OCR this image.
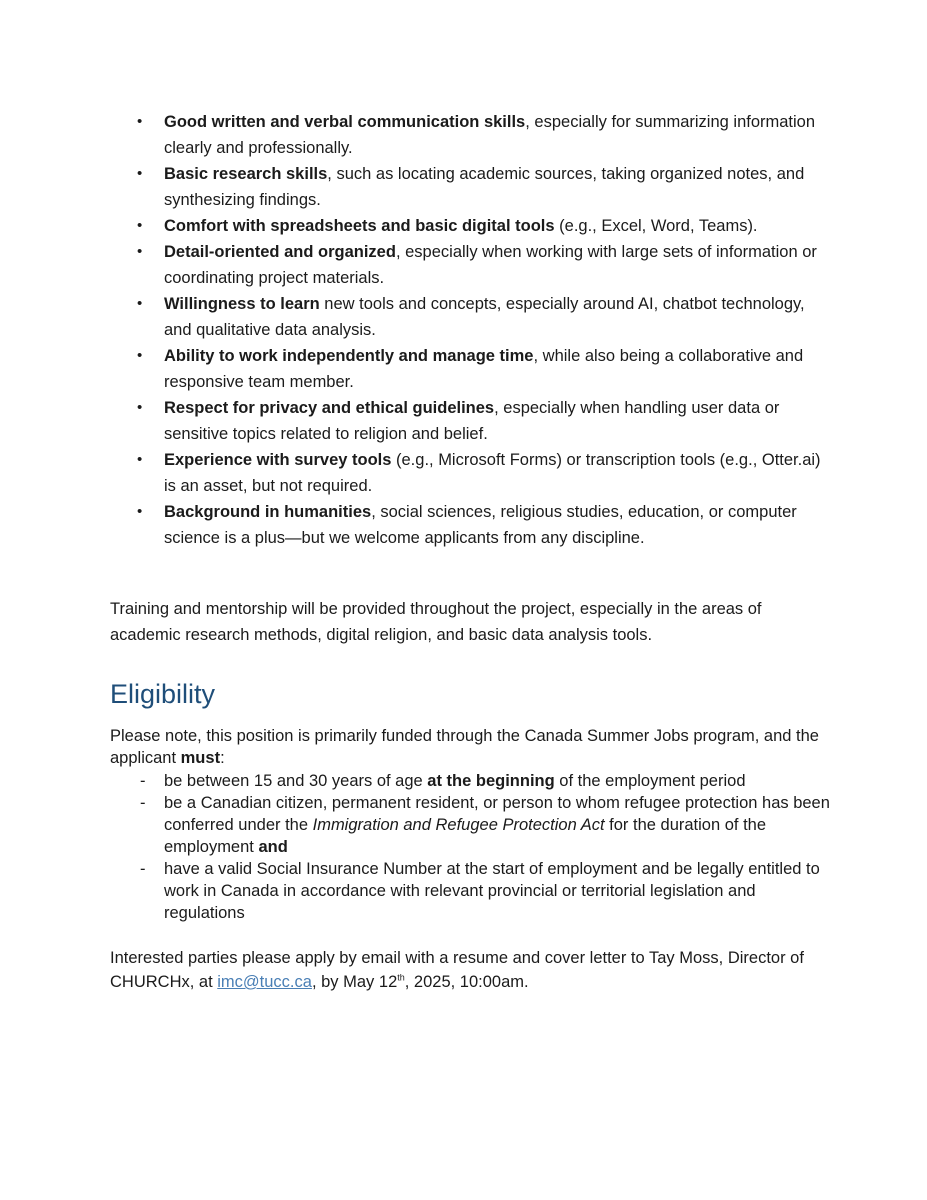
•	Good written and verbal communication skills, especially for summarizing information clearly and professionally.
•	Basic research skills, such as locating academic sources, taking organized notes, and synthesizing findings.
•	Comfort with spreadsheets and basic digital tools (e.g., Excel, Word, Teams).
•	Detail-oriented and organized, especially when working with large sets of information or coordinating project materials.
•	Willingness to learn new tools and concepts, especially around AI, chatbot technology, and qualitative data analysis.
•	Ability to work independently and manage time, while also being a collaborative and responsive team member.
•	Respect for privacy and ethical guidelines, especially when handling user data or sensitive topics related to religion and belief.
•	Experience with survey tools (e.g., Microsoft Forms) or transcription tools (e.g., Otter.ai) is an asset, but not required.
•	Background in humanities, social sciences, religious studies, education, or computer science is a plus—but we welcome applicants from any discipline.

Training and mentorship will be provided throughout the project, especially in the areas of academic research methods, digital religion, and basic data analysis tools.

Eligibility

Please note, this position is primarily funded through the Canada Summer Jobs program, and the applicant must:

- be between 15 and 30 years of age at the beginning of the employment period
- be a Canadian citizen, permanent resident, or person to whom refugee protection has been conferred under the Immigration and Refugee Protection Act for the duration of the employment and
- have a valid Social Insurance Number at the start of employment and be legally entitled to work in Canada in accordance with relevant provincial or territorial legislation and regulations

Interested parties please apply by email with a resume and cover letter to Tay Moss, Director of CHURCHx, at imc@tucc.ca, by May 12th, 2025, 10:00am.
